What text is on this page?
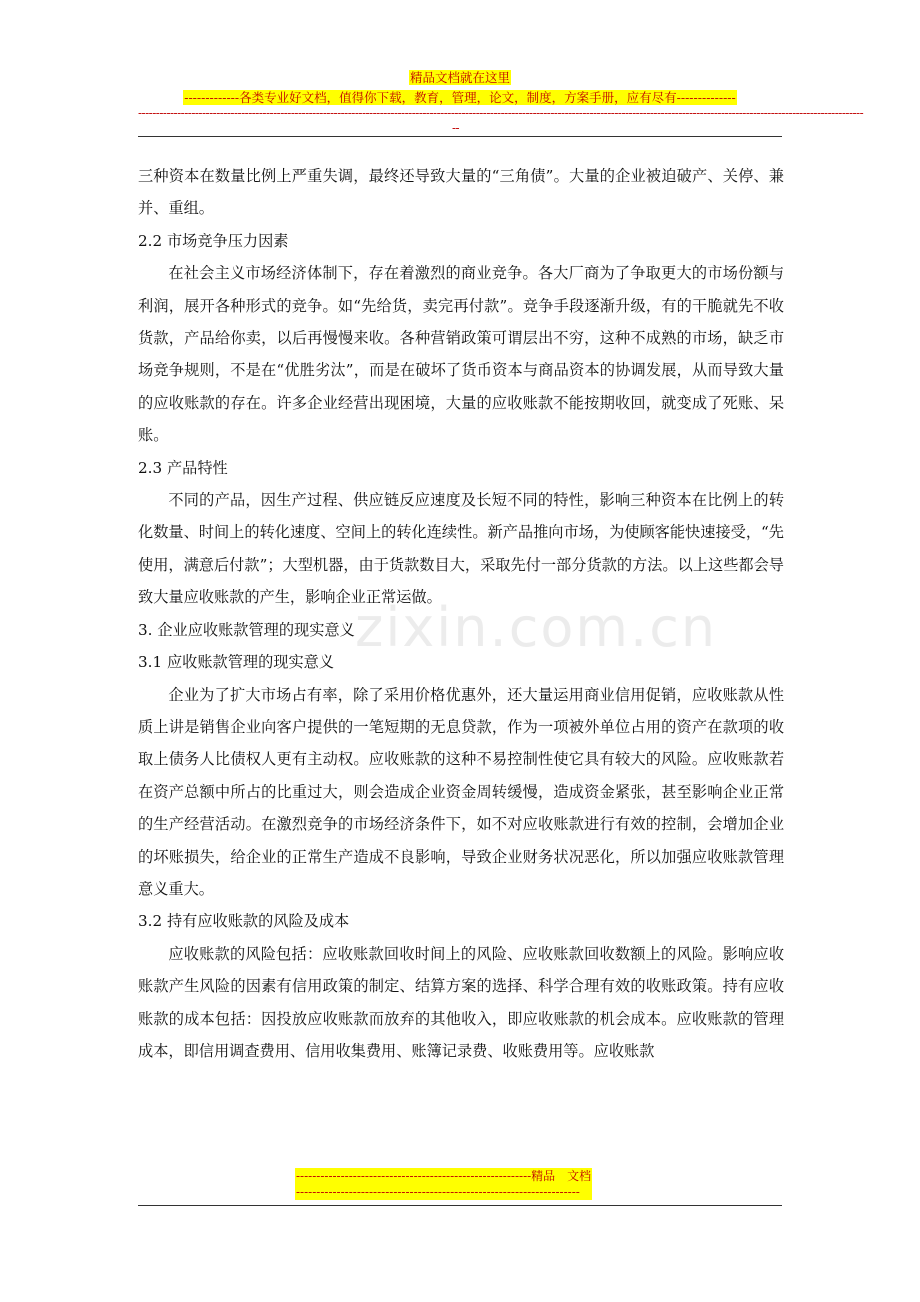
精品文档就在这里
-------------各类专业好文档，值得你下载，教育，管理，论文，制度，方案手册，应有尽有--------------
------------------------------------------------------------------------------------------------------------------------------------------------------------------------------------------------------------
--

三种资本在数量比例上严重失调，最终还导致大量的“三角债”。大量的企业被迫破产、关停、兼并、重组。

2.2 市场竞争压力因素

在社会主义市场经济体制下，存在着激烈的商业竞争。各大厂商为了争取更大的市场份额与利润，展开各种形式的竞争。如“先给货，卖完再付款”。竞争手段逐渐升级，有的干脆就先不收货款，产品给你卖，以后再慢慢来收。各种营销政策可谓层出不穷，这种不成熟的市场，缺乏市场竞争规则，不是在“优胜劣汰”，而是在破坏了货币资本与商品资本的协调发展，从而导致大量的应收账款的存在。许多企业经营出现困境，大量的应收账款不能按期收回，就变成了死账、呆账。

2.3 产品特性

不同的产品，因生产过程、供应链反应速度及长短不同的特性，影响三种资本在比例上的转化数量、时间上的转化速度、空间上的转化连续性。新产品推向市场，为使顾客能快速接受，“先使用，满意后付款”；大型机器，由于货款数目大，采取先付一部分货款的方法。以上这些都会导致大量应收账款的产生，影响企业正常运做。

3. 企业应收账款管理的现实意义

3.1 应收账款管理的现实意义

企业为了扩大市场占有率，除了采用价格优惠外，还大量运用商业信用促销，应收账款从性质上讲是销售企业向客户提供的一笔短期的无息贷款，作为一项被外单位占用的资产在款项的收取上债务人比债权人更有主动权。应收账款的这种不易控制性使它具有较大的风险。应收账款若在资产总额中所占的比重过大，则会造成企业资金周转缓慢，造成资金紧张，甚至影响企业正常的生产经营活动。在激烈竞争的市场经济条件下，如不对应收账款进行有效的控制，会增加企业的坏账损失，给企业的正常生产造成不良影响，导致企业财务状况恶化，所以加强应收账款管理意义重大。

3.2 持有应收账款的风险及成本

应收账款的风险包括：应收账款回收时间上的风险、应收账款回收数额上的风险。影响应收账款产生风险的因素有信用政策的制定、结算方案的选择、科学合理有效的收账政策。持有应收账款的成本包括：因投放应收账款而放弃的其他收入，即应收账款的机会成本。应收账款的管理成本，即信用调查费用、信用收集费用、账簿记录费、收账费用等。应收账款

zixin.com.cn
----------------------------------------------------------精品　文档
----------------------------------------------------------------------
